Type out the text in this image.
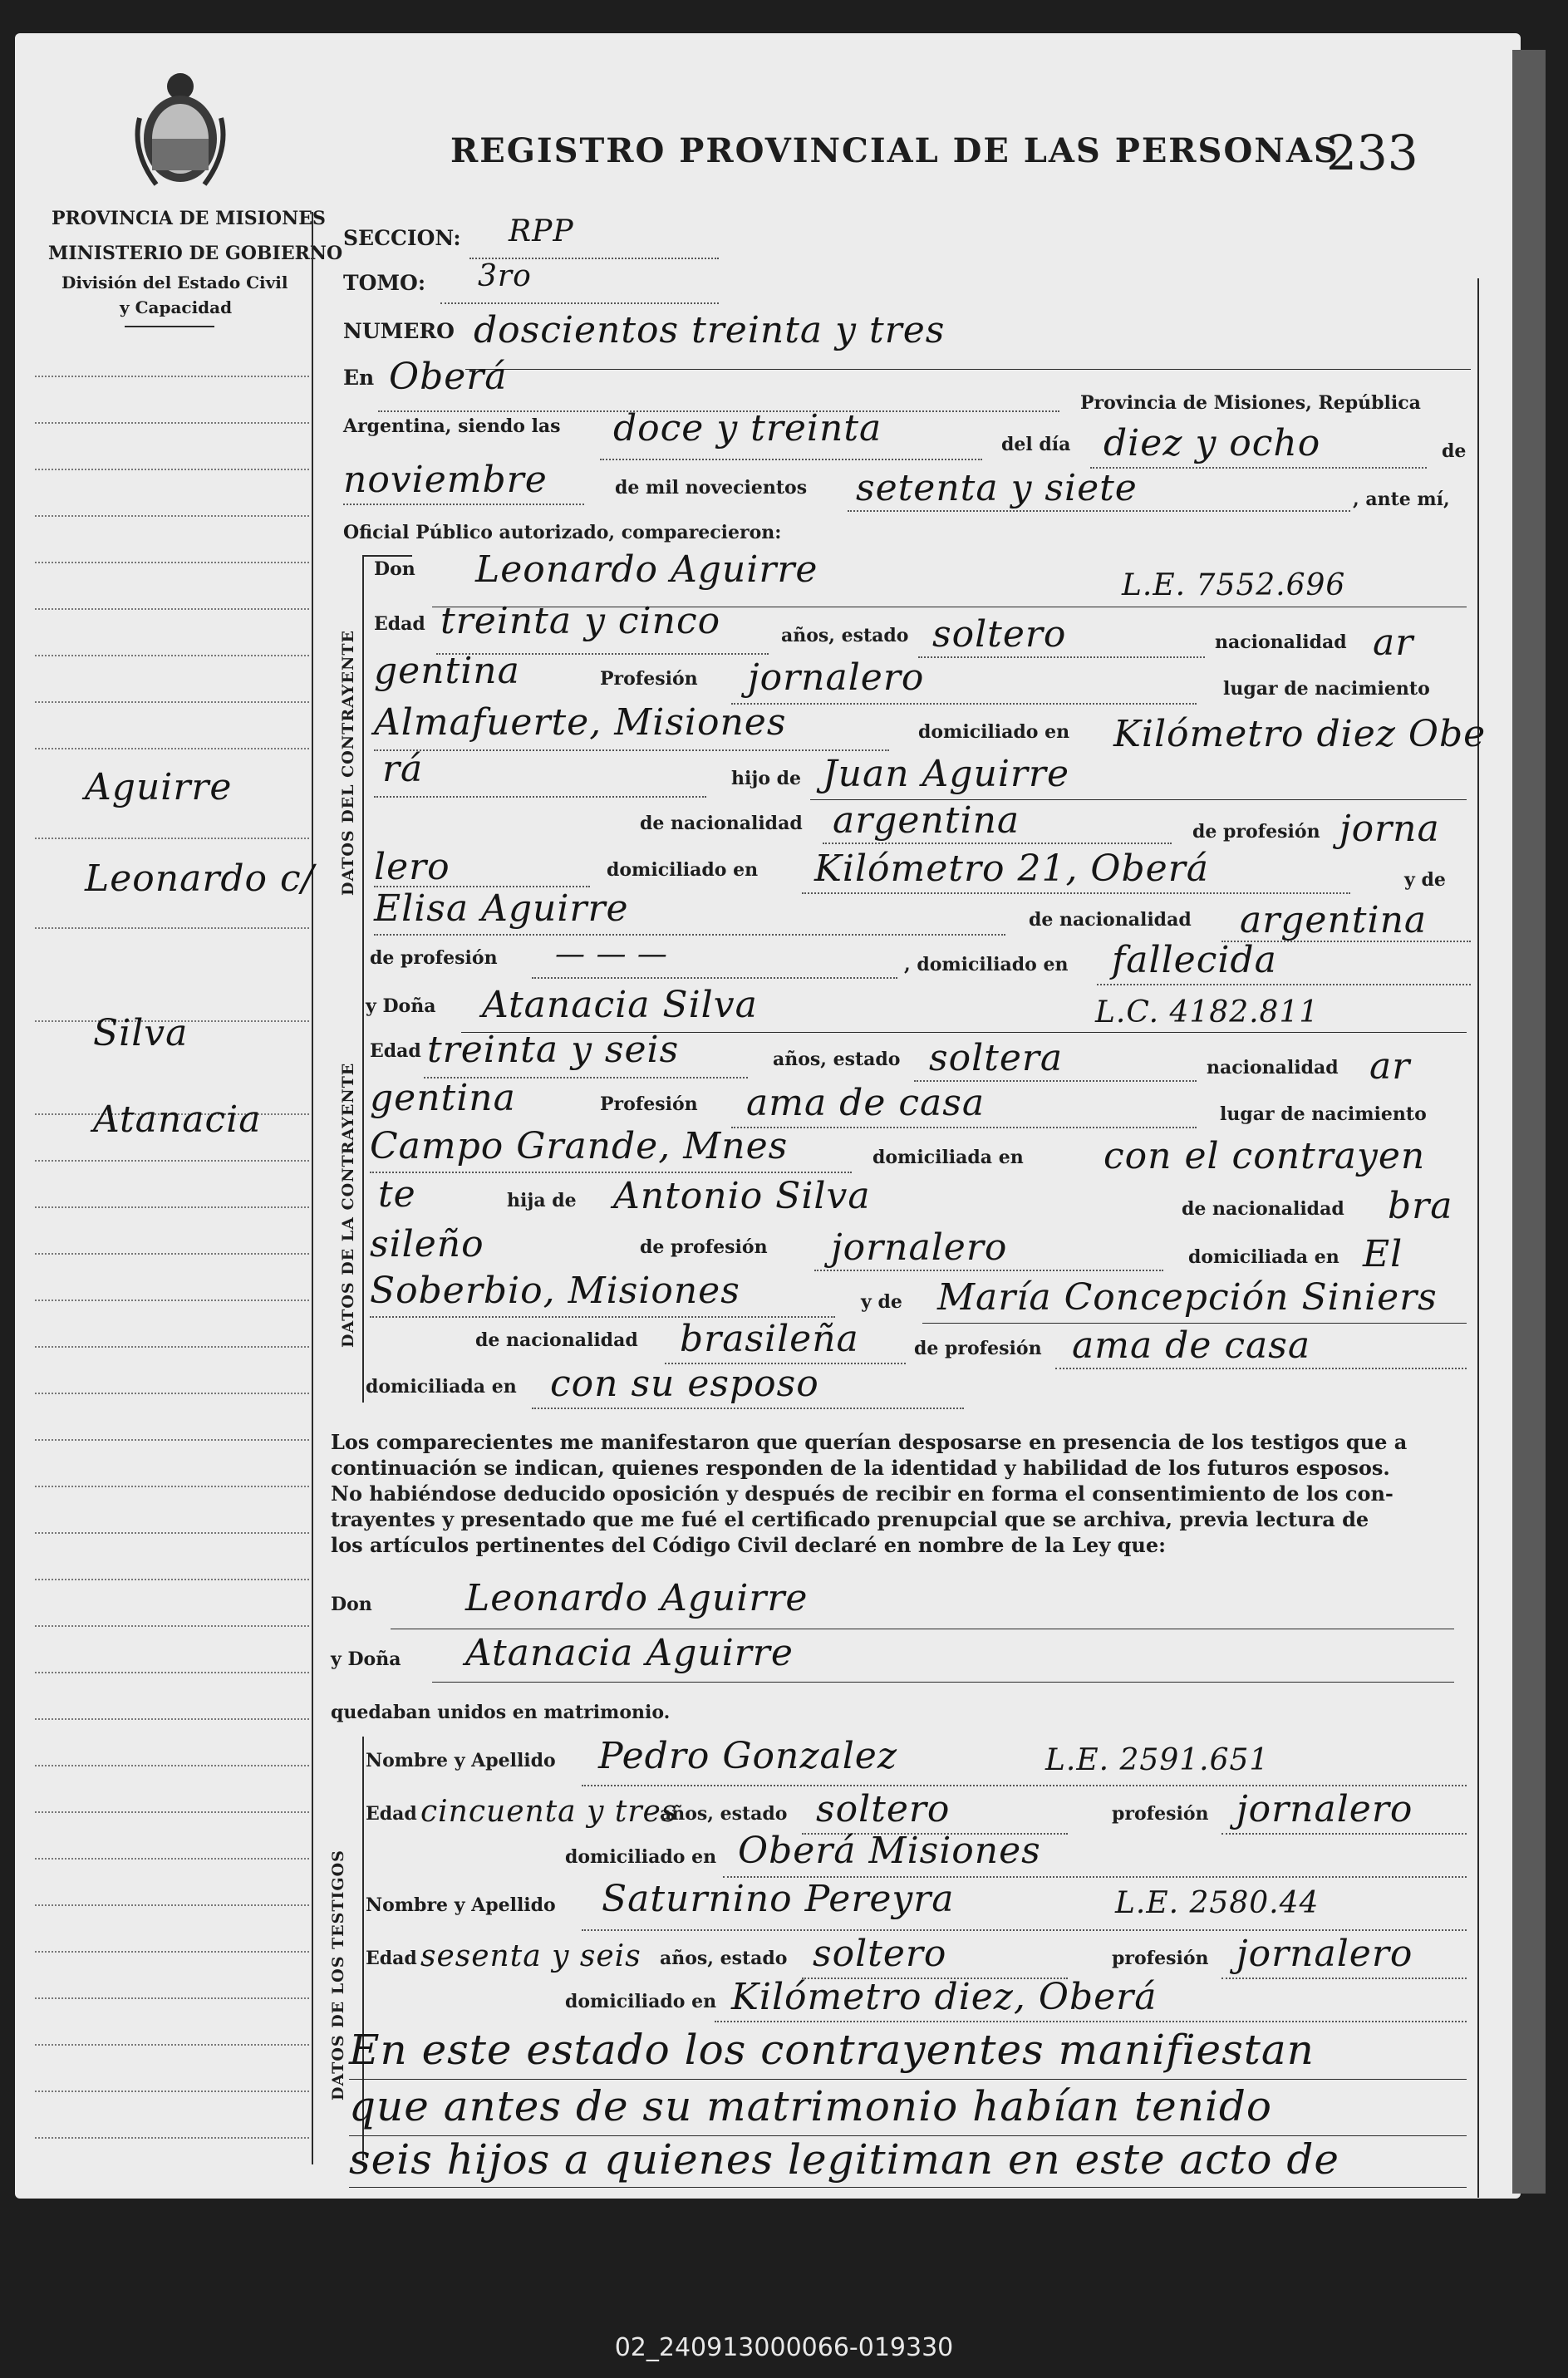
PROVINCIA DE MISIONES
MINISTERIO DE GOBIERNO
División del Estado Civil
y Capacidad
REGISTRO PROVINCIAL DE LAS PERSONAS
233
Aguirre
Leonardo c/
Silva
Atanacia
SECCION: RPP
TOMO: 3ro
NUMERO doscientos treinta y tres
En Oberá
Provincia de Misiones, República
Argentina, siendo las doce y treinta	del día diez y ocho	de
noviembre	de mil novecientos setenta y siete	, ante mí,
Oficial Público autorizado, comparecieron:
DATOS DEL CONTRAYENTE
Don Leonardo Aguirre	L.E. 7552.696
Edad treinta y cinco	años, estado soltero	nacionalidad ar
gentina	Profesión jornalero	lugar de nacimiento
Almafuerte, Misiones	domiciliado en Kilómetro diez Obe
rá	hijo de Juan Aguirre
de nacionalidad argentina	de profesión jorna
lero	domiciliado en Kilómetro 21, Oberá	y de
Elisa Aguirre	de nacionalidad argentina
de profesión — — —	, domiciliado en fallecida
DATOS DE LA CONTRAYENTE
y Doña Atanacia Silva	L.C. 4182.811
Edad treinta y seis	años, estado soltera	nacionalidad ar
gentina	Profesión ama de casa	lugar de nacimiento
Campo Grande, Mnes	domiciliada en con el contrayen
te	hija de Antonio Silva	de nacionalidad bra
sileño	de profesión jornalero	domiciliada en El
Soberbio, Misiones	y de María Concepción Siniers
de nacionalidad brasileña	de profesión ama de casa
domiciliada en con su esposo
Los comparecientes me manifestaron que querían desposarse en presencia de los testigos que a
continuación se indican, quienes responden de la identidad y habilidad de los futuros esposos.
No habiéndose deducido oposición y después de recibir en forma el consentimiento de los con-
trayentes y presentado que me fué el certificado prenupcial que se archiva, previa lectura de
los artículos pertinentes del Código Civil declaré en nombre de la Ley que:
Don	Leonardo Aguirre
y Doña Atanacia Aguirre
quedaban unidos en matrimonio.
DATOS DE LOS TESTIGOS
Nombre y Apellido Pedro Gonzalez	L.E. 2591.651
Edad cincuenta y tres
años, estado soltero	profesión jornalero
domiciliado en Oberá Misiones
Nombre y Apellido Saturnino Pereyra	L.E. 2580.44
Edad sesenta y seis años, estado soltero	profesión jornalero
domiciliado en Kilómetro diez, Oberá
En este estado los contrayentes manifiestan
que antes de su matrimonio habían tenido
seis hijos a quienes legitiman en este acto de
02_240913000066-019330
